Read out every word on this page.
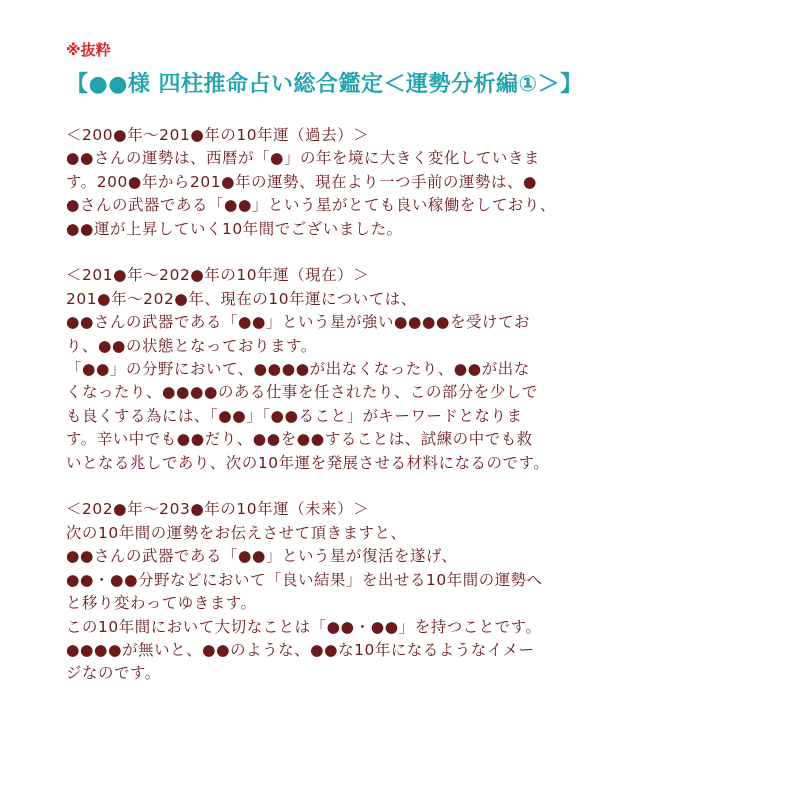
※抜粋
【●●様 四柱推命占い総合鑑定＜運勢分析編①＞】
＜200●年～201●年の10年運（過去）＞
●●さんの運勢は、西暦が「●」の年を境に大きく変化していきま
す。200●年から201●年の運勢、現在より一つ手前の運勢は、●
●さんの武器である「●●」という星がとても良い稼働をしており、
●●運が上昇していく10年間でございました。
＜201●年～202●年の10年運（現在）＞
201●年～202●年、現在の10年運については、
●●さんの武器である「●●」という星が強い●●●●を受けてお
り、●●の状態となっております。
「●●」の分野において、●●●●が出なくなったり、●●が出な
くなったり、●●●●のある仕事を任されたり、この部分を少しで
も良くする為には、「●●」「●●ること」がキーワードとなりま
す。辛い中でも●●だり、●●を●●することは、試練の中でも救
いとなる兆しであり、次の10年運を発展させる材料になるのです。
＜202●年～203●年の10年運（未来）＞
次の10年間の運勢をお伝えさせて頂きますと、
●●さんの武器である「●●」という星が復活を遂げ、
●●・●●分野などにおいて「良い結果」を出せる10年間の運勢へ
と移り変わってゆきます。
この10年間において大切なことは「●●・●●」を持つことです。
●●●●が無いと、●●のような、●●な10年になるようなイメー
ジなのです。
